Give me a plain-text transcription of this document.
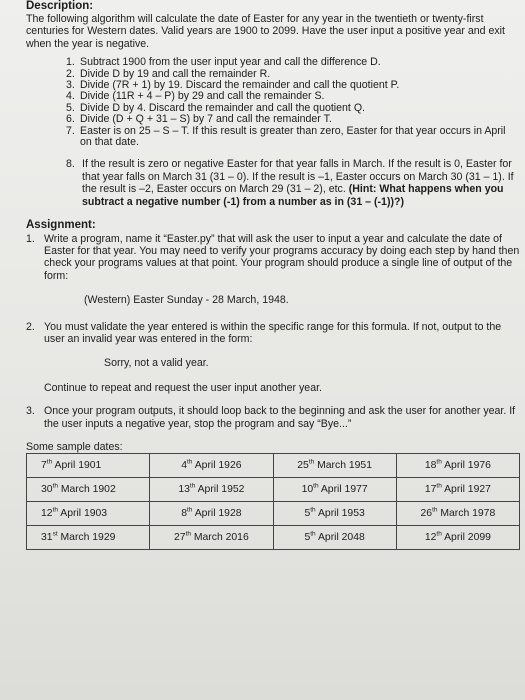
Description:

The following algorithm will calculate the date of Easter for any year in the twentieth or twenty-first centuries for Western dates. Valid years are 1900 to 2099. Have the user input a positive year and exit when the year is negative.

1. Subtract 1900 from the user input year and call the difference D.
2. Divide D by 19 and call the remainder R.
3. Divide (7R + 1) by 19. Discard the remainder and call the quotient P.
4. Divide (11R + 4 – P) by 29 and call the remainder S.
5. Divide D by 4. Discard the remainder and call the quotient Q.
6. Divide (D + Q + 31 – S) by 7 and call the remainder T.
7. Easter is on 25 – S – T. If this result is greater than zero, Easter for that year occurs in April on that date.
8. If the result is zero or negative Easter for that year falls in March. If the result is 0, Easter for that year falls on March 31 (31 – 0). If the result is –1, Easter occurs on March 30 (31 – 1). If the result is –2, Easter occurs on March 29 (31 – 2), etc. (Hint: What happens when you subtract a negative number (-1) from a number as in (31 – (-1))?)

Assignment:

1. Write a program, name it “Easter.py” that will ask the user to input a year and calculate the date of Easter for that year. You may need to verify your programs accuracy by doing each step by hand then check your programs values at that point. Your program should produce a single line of output of the form:
(Western) Easter Sunday - 28 March, 1948.
2. You must validate the year entered is within the specific range for this formula. If not, output to the user an invalid year was entered in the form:
Sorry, not a valid year.
Continue to repeat and request the user input another year.
3. Once your program outputs, it should loop back to the beginning and ask the user for another year. If the user inputs a negative year, stop the program and say “Bye...”
Some sample dates:
7th April 1901	4th April 1926	25th March 1951	18th April 1976
30th March 1902	13th April 1952	10th April 1977	17th April 1927
12th April 1903	8th April 1928	5th April 1953	26th March 1978
31st March 1929	27th March 2016	5th April 2048	12th April 2099
